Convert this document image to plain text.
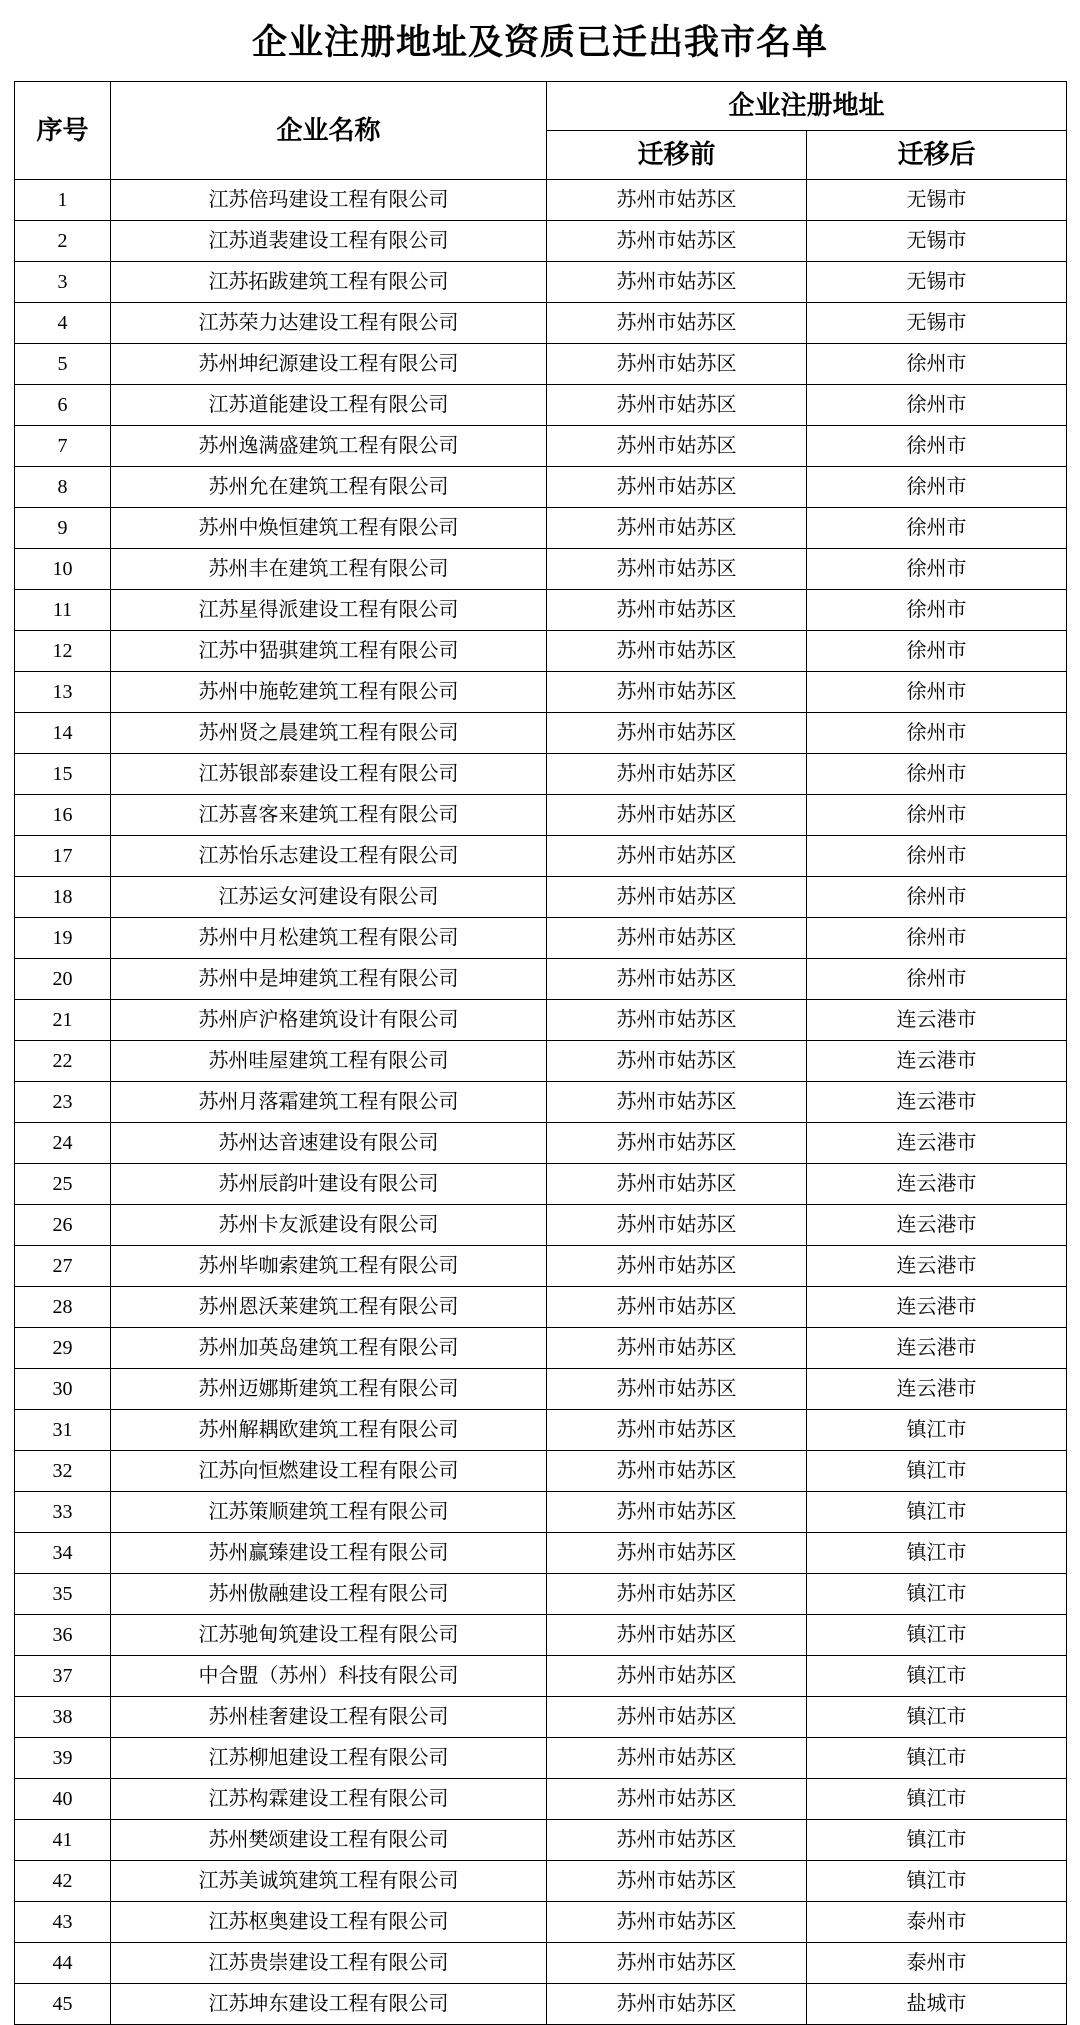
企业注册地址及资质已迁出我市名单
序号	企业名称	企业注册地址	
		迁移前	迁移后
1	江苏倍玛建设工程有限公司	苏州市姑苏区	无锡市
2	江苏逍裴建设工程有限公司	苏州市姑苏区	无锡市
3	江苏拓跋建筑工程有限公司	苏州市姑苏区	无锡市
4	江苏荣力达建设工程有限公司	苏州市姑苏区	无锡市
5	苏州坤纪源建设工程有限公司	苏州市姑苏区	徐州市
6	江苏道能建设工程有限公司	苏州市姑苏区	徐州市
7	苏州逸满盛建筑工程有限公司	苏州市姑苏区	徐州市
8	苏州允在建筑工程有限公司	苏州市姑苏区	徐州市
9	苏州中焕恒建筑工程有限公司	苏州市姑苏区	徐州市
10	苏州丰在建筑工程有限公司	苏州市姑苏区	徐州市
11	江苏星得派建设工程有限公司	苏州市姑苏区	徐州市
12	江苏中峱骐建筑工程有限公司	苏州市姑苏区	徐州市
13	苏州中施乾建筑工程有限公司	苏州市姑苏区	徐州市
14	苏州贤之晨建筑工程有限公司	苏州市姑苏区	徐州市
15	江苏银部泰建设工程有限公司	苏州市姑苏区	徐州市
16	江苏喜客来建筑工程有限公司	苏州市姑苏区	徐州市
17	江苏怡乐志建设工程有限公司	苏州市姑苏区	徐州市
18	江苏运女河建设有限公司	苏州市姑苏区	徐州市
19	苏州中月松建筑工程有限公司	苏州市姑苏区	徐州市
20	苏州中是坤建筑工程有限公司	苏州市姑苏区	徐州市
21	苏州庐沪格建筑设计有限公司	苏州市姑苏区	连云港市
22	苏州哇屋建筑工程有限公司	苏州市姑苏区	连云港市
23	苏州月落霜建筑工程有限公司	苏州市姑苏区	连云港市
24	苏州达音速建设有限公司	苏州市姑苏区	连云港市
25	苏州辰韵叶建设有限公司	苏州市姑苏区	连云港市
26	苏州卡友派建设有限公司	苏州市姑苏区	连云港市
27	苏州毕咖索建筑工程有限公司	苏州市姑苏区	连云港市
28	苏州恩沃莱建筑工程有限公司	苏州市姑苏区	连云港市
29	苏州加英岛建筑工程有限公司	苏州市姑苏区	连云港市
30	苏州迈娜斯建筑工程有限公司	苏州市姑苏区	连云港市
31	苏州解耦欧建筑工程有限公司	苏州市姑苏区	镇江市
32	江苏向恒燃建设工程有限公司	苏州市姑苏区	镇江市
33	江苏策顺建筑工程有限公司	苏州市姑苏区	镇江市
34	苏州赢臻建设工程有限公司	苏州市姑苏区	镇江市
35	苏州傲融建设工程有限公司	苏州市姑苏区	镇江市
36	江苏驰甸筑建设工程有限公司	苏州市姑苏区	镇江市
37	中合盟（苏州）科技有限公司	苏州市姑苏区	镇江市
38	苏州桂奢建设工程有限公司	苏州市姑苏区	镇江市
39	江苏柳旭建设工程有限公司	苏州市姑苏区	镇江市
40	江苏构霖建设工程有限公司	苏州市姑苏区	镇江市
41	苏州樊颂建设工程有限公司	苏州市姑苏区	镇江市
42	江苏美诚筑建筑工程有限公司	苏州市姑苏区	镇江市
43	江苏枢奥建设工程有限公司	苏州市姑苏区	泰州市
44	江苏贵崇建设工程有限公司	苏州市姑苏区	泰州市
45	江苏坤东建设工程有限公司	苏州市姑苏区	盐城市
